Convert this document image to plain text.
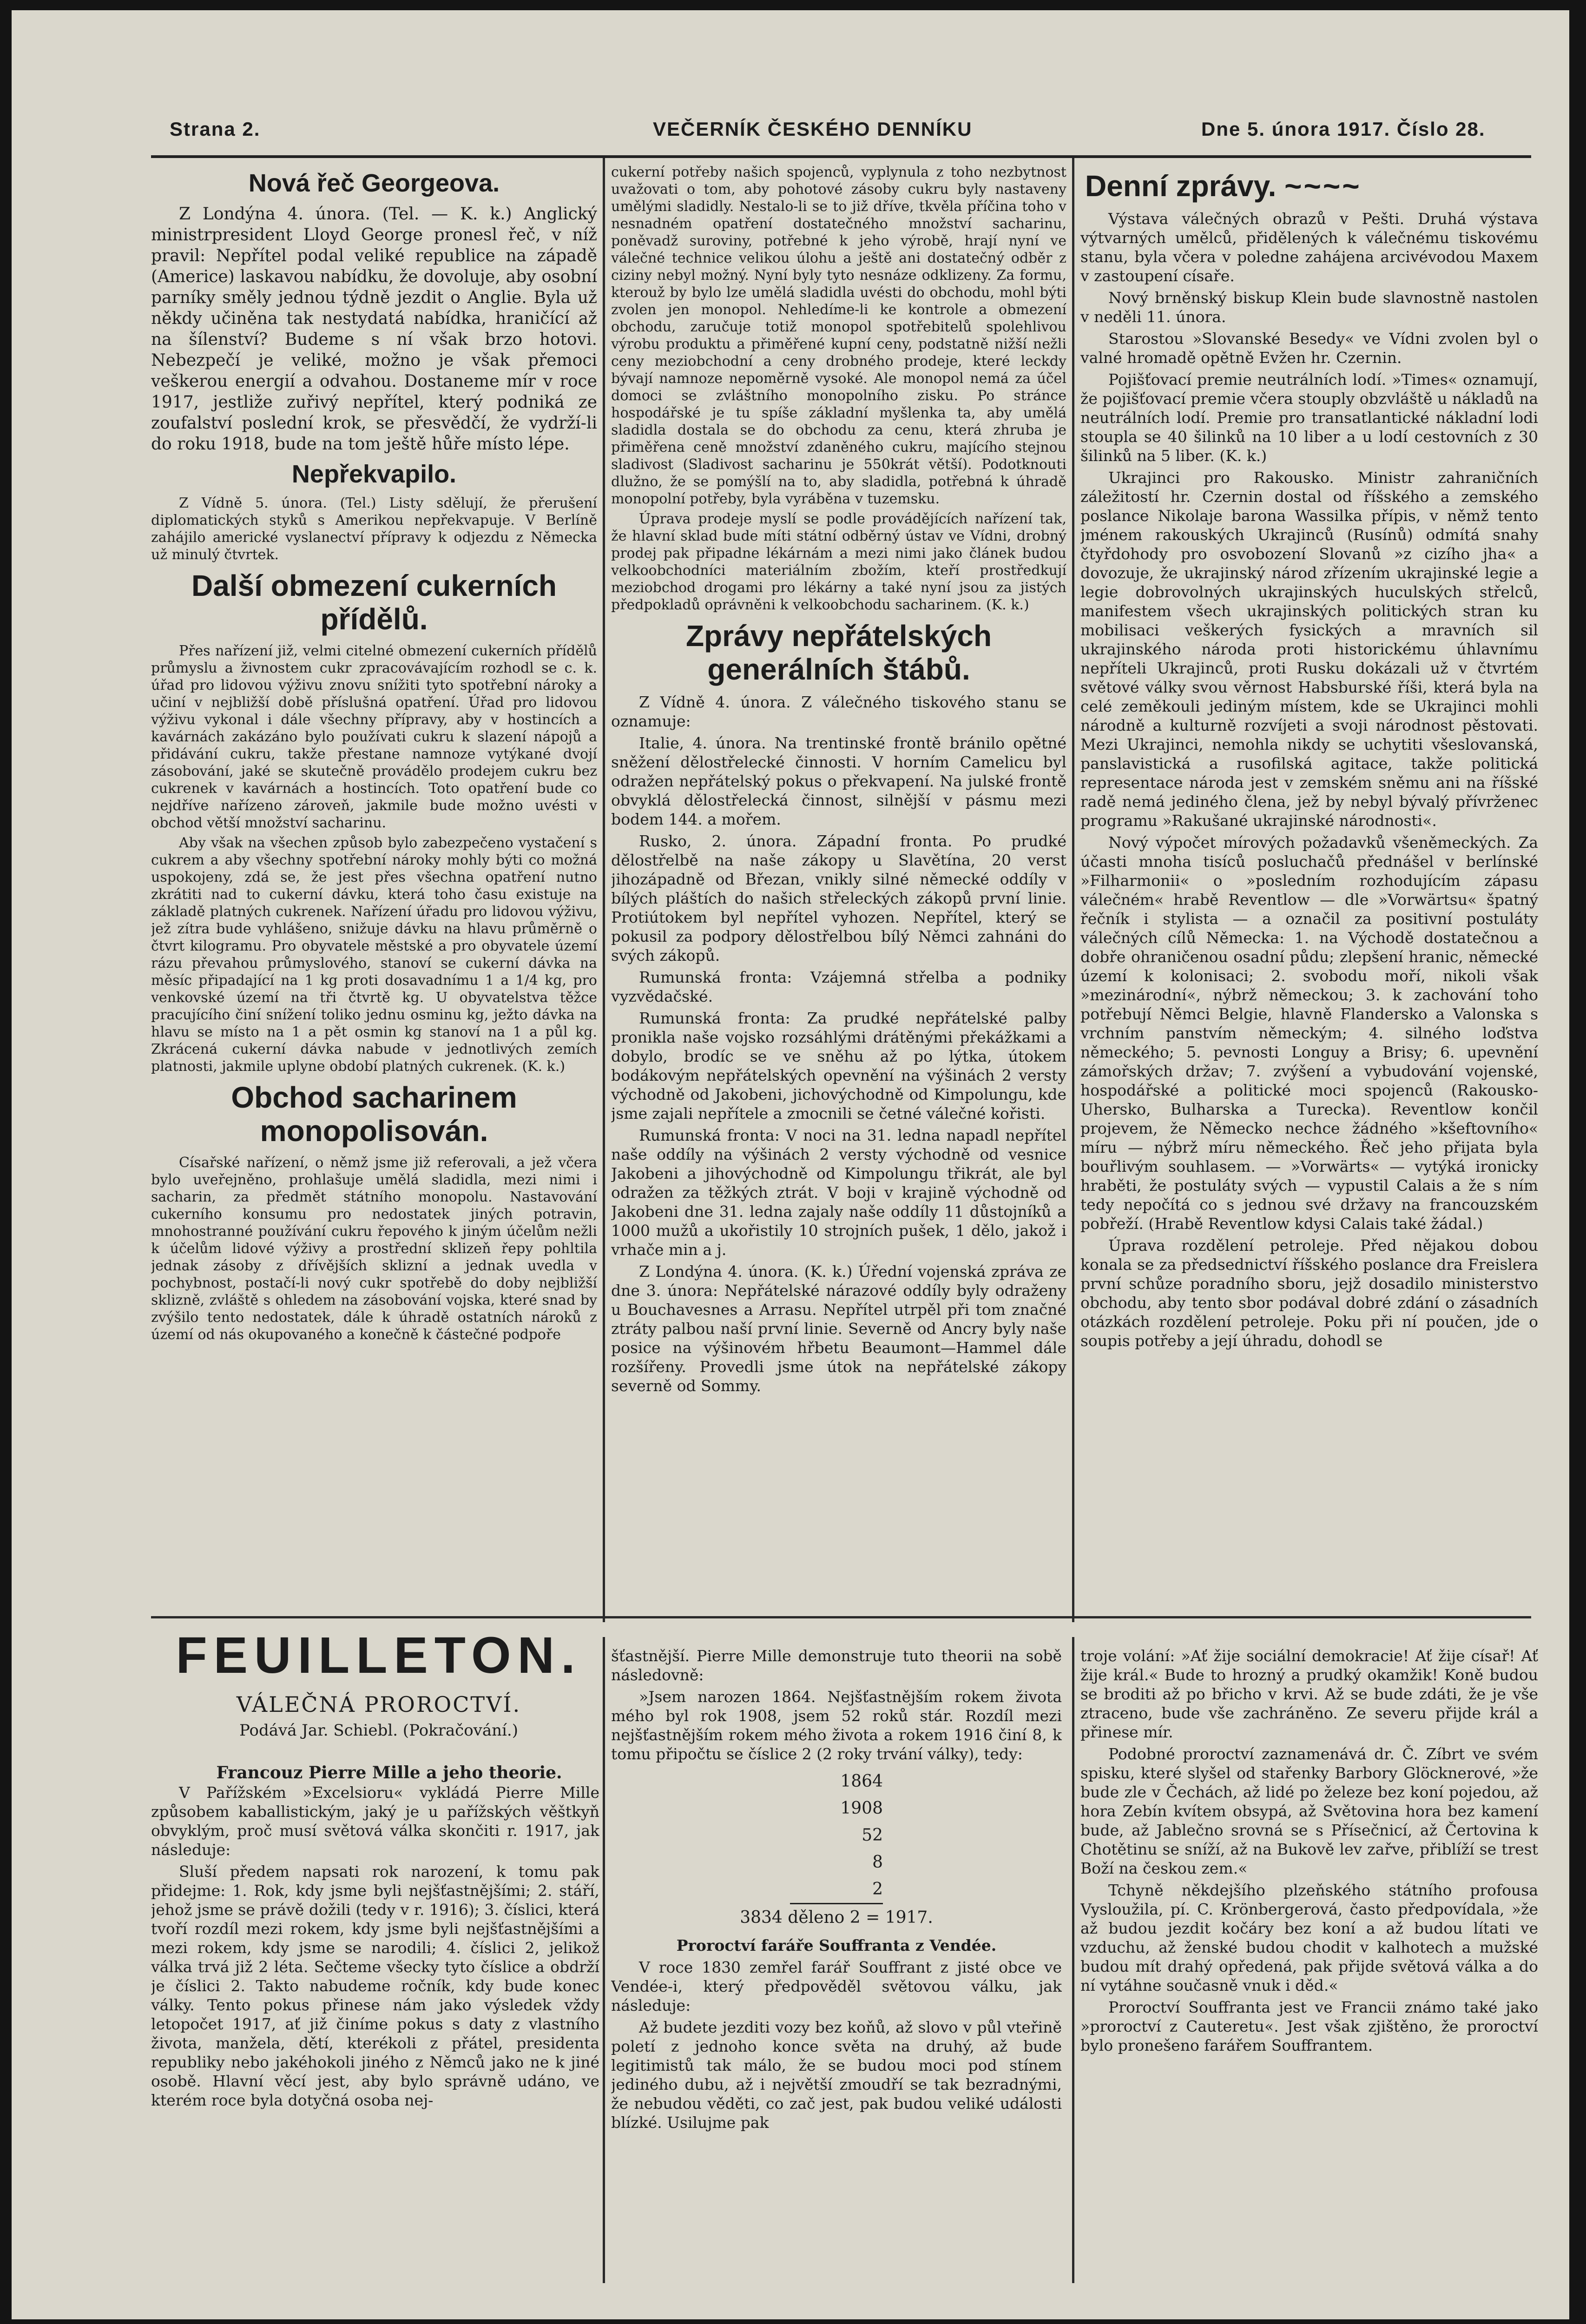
Strana 2.	VEČERNÍK ČESKÉHO DENNÍKU	Dne 5. února 1917. Číslo 28.
Nová řeč Georgeova.

Z Londýna 4. února. (Tel. — K. k.) Anglický ministrpresident Lloyd George pronesl řeč, v níž pravil: Nepřítel podal veliké republice na západě (Americe) laskavou nabídku, že dovoluje, aby osobní parníky směly jednou týdně jezdit o Anglie. Byla už někdy učiněna tak nestydatá nabídka, hraničící až na šílenství? Budeme s ní však brzo hotovi. Nebezpečí je veliké, možno je však přemoci veškerou energií a odvahou. Dostaneme mír v roce 1917, jestliže zuřivý nepřítel, který podniká ze zoufalství poslední krok, se přesvědčí, že vydrží-li do roku 1918, bude na tom ještě hůře místo lépe.

Nepřekvapilo.

Z Vídně 5. února. (Tel.) Listy sdělují, že přerušení diplomatických styků s Amerikou nepřekvapuje. V Berlíně zahájilo americké vyslanectví přípravy k odjezdu z Německa už minulý čtvrtek.

Další obmezení cukerních přídělů.

Přes nařízení již, velmi citelné obmezení cukerních přídělů průmyslu a živnostem cukr zpracovávajícím rozhodl se c. k. úřad pro lidovou výživu znovu snížiti tyto spotřební nároky a učiní v nejbližší době příslušná opatření. Úřad pro lidovou výživu vykonal i dále všechny přípravy, aby v hostincích a kavárnách zakázáno bylo používati cukru k slazení nápojů a přidávání cukru, takže přestane namnoze vytýkané dvojí zásobování, jaké se skutečně provádělo prodejem cukru bez cukrenek v kavárnách a hostincích. Toto opatření bude co nejdříve nařízeno zároveň, jakmile bude možno uvésti v obchod větší množství sacharinu.

Aby však na všechen způsob bylo zabezpečeno vystačení s cukrem a aby všechny spotřební nároky mohly býti co možná uspokojeny, zdá se, že jest přes všechna opatření nutno zkrátiti nad to cukerní dávku, která toho času existuje na základě platných cukrenek. Nařízení úřadu pro lidovou výživu, jež zítra bude vyhlášeno, snižuje dávku na hlavu průměrně o čtvrt kilogramu. Pro obyvatele městské a pro obyvatele území rázu převahou průmyslového, stanoví se cukerní dávka na měsíc připadající na 1 kg proti dosavadnímu 1 a 1/4 kg, pro venkovské území na tři čtvrtě kg. U obyvatelstva těžce pracujícího činí snížení toliko jednu osminu kg, ježto dávka na hlavu se místo na 1 a pět osmin kg stanoví na 1 a půl kg. Zkrácená cukerní dávka nabude v jednotlivých zemích platnosti, jakmile uplyne období platných cukrenek. (K. k.)

Obchod sacharinem monopolisován.

Císařské nařízení, o němž jsme již referovali, a jež včera bylo uveřejněno, prohlašuje umělá sladidla, mezi nimi i sacharin, za předmět státního monopolu. Nastavování cukerního konsumu pro nedostatek jiných potravin, mnohostranné používání cukru řepového k jiným účelům nežli k účelům lidové výživy a prostřední sklizeň řepy pohltila jednak zásoby z dřívějších sklizní a jednak uvedla v pochybnost, postačí-li nový cukr spotřebě do doby nejbližší sklizně, zvláště s ohledem na zásobování vojska, které snad by zvýšilo tento nedostatek, dále k úhradě ostatních nároků z území od nás okupovaného a konečně k částečné podpoře

cukerní potřeby našich spojenců, vyplynula z toho nezbytnost uvažovati o tom, aby pohotové zásoby cukru byly nastaveny umělými sladidly. Nestalo-li se to již dříve, tkvěla příčina toho v nesnadném opatření dostatečného množství sacharinu, poněvadž suroviny, potřebné k jeho výrobě, hrají nyní ve válečné technice velikou úlohu a ještě ani dostatečný odběr z ciziny nebyl možný. Nyní byly tyto nesnáze odklizeny. Za formu, kterouž by bylo lze umělá sladidla uvésti do obchodu, mohl býti zvolen jen monopol. Nehledíme-li ke kontrole a obmezení obchodu, zaručuje totiž monopol spotřebitelů spolehlivou výrobu produktu a přiměřené kupní ceny, podstatně nižší nežli ceny meziobchodní a ceny drobného prodeje, které leckdy bývají namnoze nepoměrně vysoké. Ale monopol nemá za účel domoci se zvláštního monopolního zisku. Po stránce hospodářské je tu spíše základní myšlenka ta, aby umělá sladidla dostala se do obchodu za cenu, která zhruba je přiměřena ceně množství zdaněného cukru, majícího stejnou sladivost (Sladivost sacharinu je 550krát větší). Podotknouti dlužno, že se pomýšlí na to, aby sladidla, potřebná k úhradě monopolní potřeby, byla vyráběna v tuzemsku.

Úprava prodeje myslí se podle provádějících nařízení tak, že hlavní sklad bude míti státní odběrný ústav ve Vídni, drobný prodej pak připadne lékárnám a mezi nimi jako článek budou velkoobchodníci materiálním zbožím, kteří prostředkují meziobchod drogami pro lékárny a také nyní jsou za jistých předpokladů oprávněni k velkoobchodu sacharinem. (K. k.)

Zprávy nepřátelských generálních štábů.

Z Vídně 4. února. Z válečného tiskového stanu se oznamuje:

Italie, 4. února. Na trentinské frontě bránilo opětné sněžení dělostřelecké činnosti. V horním Camelicu byl odražen nepřátelský pokus o překvapení. Na julské frontě obvyklá dělostřelecká činnost, silnější v pásmu mezi bodem 144. a mořem.

Rusko, 2. února. Západní fronta. Po prudké dělostřelbě na naše zákopy u Slavětína, 20 verst jihozápadně od Březan, vnikly silné německé oddíly v bílých pláštích do našich střeleckých zákopů první linie. Protiútokem byl nepřítel vyhozen. Nepřítel, který se pokusil za podpory dělostřelbou bílý Němci zahnáni do svých zákopů.

Rumunská fronta: Vzájemná střelba a podniky vyzvědačské.

Rumunská fronta: Za prudké nepřátelské palby pronikla naše vojsko rozsáhlými drátěnými překážkami a dobylo, brodíc se ve sněhu až po lýtka, útokem bodákovým nepřátelských opevnění na výšinách 2 versty východně od Jakobeni, jichovýchodně od Kimpolungu, kde jsme zajali nepřítele a zmocnili se četné válečné kořisti.

Rumunská fronta: V noci na 31. ledna napadl nepřítel naše oddíly na výšinách 2 versty východně od vesnice Jakobeni a jihovýchodně od Kimpolungu třikrát, ale byl odražen za těžkých ztrát. V boji v krajině východně od Jakobeni dne 31. ledna zajaly naše oddíly 11 důstojníků a 1000 mužů a ukořistily 10 strojních pušek, 1 dělo, jakož i vrhače min a j.

Z Londýna 4. února. (K. k.) Úřední vojenská zpráva ze dne 3. února: Nepřátelské nárazové oddíly byly odraženy u Bouchavesnes a Arrasu. Nepřítel utrpěl při tom značné ztráty palbou naší první linie. Severně od Ancry byly naše posice na výšinovém hřbetu Beaumont—Hammel dále rozšířeny. Provedli jsme útok na nepřátelské zákopy severně od Sommy.

Denní zprávy. ~~~~

Výstava válečných obrazů v Pešti. Druhá výstava výtvarných umělců, přidělených k válečnému tiskovému stanu, byla včera v poledne zahájena arcivévodou Maxem v zastoupení císaře.

Nový brněnský biskup Klein bude slavnostně nastolen v neděli 11. února.

Starostou »Slovanské Besedy« ve Vídni zvolen byl o valné hromadě opětně Evžen hr. Czernin.

Pojišťovací premie neutrálních lodí. »Times« oznamují, že pojišťovací premie včera stouply obzvláště u nákladů na neutrálních lodí. Premie pro transatlantické nákladní lodi stoupla se 40 šilinků na 10 liber a u lodí cestovních z 30 šilinků na 5 liber. (K. k.)

Ukrajinci pro Rakousko. Ministr zahraničních záležitostí hr. Czernin dostal od říšského a zemského poslance Nikolaje barona Wassilka přípis, v němž tento jménem rakouských Ukrajinců (Rusínů) odmítá snahy čtyřdohody pro osvobození Slovanů »z cizího jha« a dovozuje, že ukrajinský národ zřízením ukrajinské legie a legie dobrovolných ukrajinských huculských střelců, manifestem všech ukrajinských politických stran ku mobilisaci veškerých fysických a mravních sil ukrajinského národa proti historickému úhlavnímu nepříteli Ukrajinců, proti Rusku dokázali už v čtvrtém světové války svou věrnost Habsburské říši, která byla na celé zeměkouli jediným místem, kde se Ukrajinci mohli národně a kulturně rozvíjeti a svoji národnost pěstovati. Mezi Ukrajinci, nemohla nikdy se uchytiti všeslovanská, panslavistická a rusofilská agitace, takže politická representace národa jest v zemském sněmu ani na říšské radě nemá jediného člena, jež by nebyl bývalý přívrženec programu »Rakušané ukrajinské národnosti«.

Nový výpočet mírových požadavků všeněmeckých. Za účasti mnoha tisíců posluchačů přednášel v berlínské »Filharmonii« o »posledním rozhodujícím zápasu válečném« hrabě Reventlow — dle »Vorwärtsu« špatný řečník i stylista — a označil za positivní postuláty válečných cílů Německa: 1. na Východě dostatečnou a dobře ohraničenou osadní půdu; zlepšení hranic, německé území k kolonisaci; 2. svobodu moří, nikoli však »mezinárodní«, nýbrž německou; 3. k zachování toho potřebují Němci Belgie, hlavně Flandersko a Valonska s vrchním panstvím německým; 4. silného loďstva německého; 5. pevnosti Longuy a Brisy; 6. upevnění zámořských držav; 7. zvýšení a vybudování vojenské, hospodářské a politické moci spojenců (Rakousko-Uhersko, Bulharska a Turecka). Reventlow končil projevem, že Německo nechce žádného »kšeftovního« míru — nýbrž míru německého. Řeč jeho přijata byla bouřlivým souhlasem. — »Vorwärts« — vytýká ironicky hraběti, že postuláty svých — vypustil Calais a že s ním tedy nepočítá co s jednou své državy na francouzském pobřeží. (Hrabě Reventlow kdysi Calais také žádal.)

Úprava rozdělení petroleje. Před nějakou dobou konala se za předsednictví říšského poslance dra Freislera první schůze poradního sboru, jejž dosadilo ministerstvo obchodu, aby tento sbor podával dobré zdání o zásadních otázkách rozdělení petroleje. Poku při ní poučen, jde o soupis potřeby a její úhradu, dohodl se

FEUILLETON.
VÁLEČNÁ PROROCTVÍ.
Podává Jar. Schiebl. (Pokračování.)

Francouz Pierre Mille a jeho theorie.

V Pařížském »Excelsioru« vykládá Pierre Mille způsobem kaballistickým, jaký je u pařížských věštkyň obvyklým, proč musí světová válka skončiti r. 1917, jak následuje:

Sluší předem napsati rok narození, k tomu pak přidejme: 1. Rok, kdy jsme byli nejšťastnějšími; 2. stáří, jehož jsme se právě dožili (tedy v r. 1916); 3. číslici, která tvoří rozdíl mezi rokem, kdy jsme byli nejšťastnějšími a mezi rokem, kdy jsme se narodili; 4. číslici 2, jelikož válka trvá již 2 léta. Sečteme všecky tyto číslice a obdrží je číslici 2. Takto nabudeme ročník, kdy bude konec války. Tento pokus přinese nám jako výsledek vždy letopočet 1917, ať již činíme pokus s daty z vlastního života, manžela, dětí, kterékoli z přátel, presidenta republiky nebo jakéhokoli jiného z Němců jako ne k jiné osobě. Hlavní věcí jest, aby bylo správně udáno, ve kterém roce byla dotyčná osoba nej-

šťastnější. Pierre Mille demonstruje tuto theorii na sobě následovně:

»Jsem narozen 1864. Nejšťastnějším rokem života mého byl rok 1908, jsem 52 roků stár. Rozdíl mezi nejšťastnějším rokem mého života a rokem 1916 činí 8, k tomu připočtu se číslice 2 (2 roky trvání války), tedy:

1864
1908
52
8
2
3834 děleno 2 = 1917.

Proroctví faráře Souffranta z Vendée.

V roce 1830 zemřel farář Souffrant z jisté obce ve Vendée-i, který předpověděl světovou válku, jak následuje:

Až budete jezditi vozy bez koňů, až slovo v půl vteřině poletí z jednoho konce světa na druhý, až bude legitimistů tak málo, že se budou moci pod stínem jediného dubu, až i největší zmoudří se tak bezradnými, že nebudou věděti, co zač jest, pak budou veliké události blízké. Usilujme pak

troje volání: »Ať žije sociální demokracie! Ať žije císař! Ať žije král.« Bude to hrozný a prudký okamžik! Koně budou se broditi až po břicho v krvi. Až se bude zdáti, že je vše ztraceno, bude vše zachráněno. Ze severu přijde král a přinese mír.

Podobné proroctví zaznamenává dr. Č. Zíbrt ve svém spisku, které slyšel od stařenky Barbory Glöcknerové, »že bude zle v Čechách, až lidé po železe bez koní pojedou, až hora Zebín kvítem obsypá, až Světovina hora bez kamení bude, až Jablečno srovná se s Přísečnicí, až Čertovina k Chotětinu se sníží, až na Bukově lev zařve, přiblíží se trest Boží na českou zem.«

Tchyně někdejšího plzeňského státního profousa Vysloužila, pí. C. Krönbergerová, často předpovídala, »že až budou jezdit kočáry bez koní a až budou lítati ve vzduchu, až ženské budou chodit v kalhotech a mužské budou mít drahý opředená, pak přijde světová válka a do ní vytáhne současně vnuk i děd.«

Proroctví Souffranta jest ve Francii známo také jako »proroctví z Cauteretu«. Jest však zjištěno, že proroctví bylo pronešeno farářem Souffrantem.
